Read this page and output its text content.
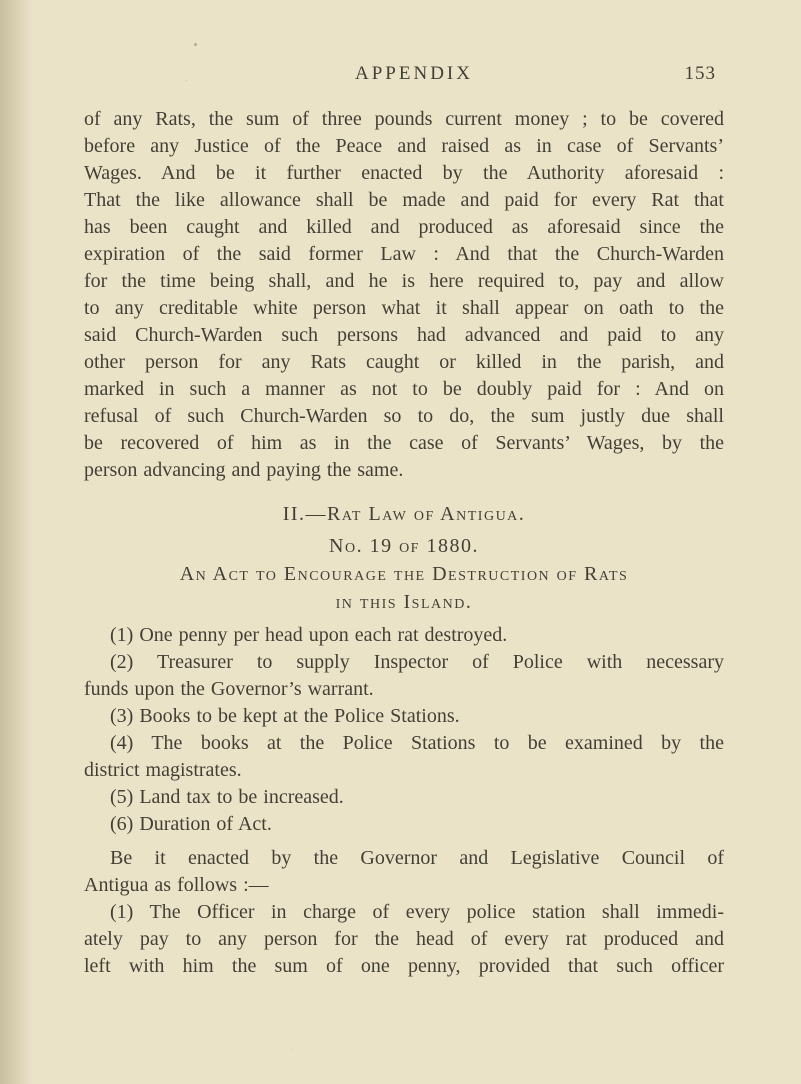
APPENDIX	153
of any Rats, the sum of three pounds current money ; to be covered
before any Justice of the Peace and raised as in case of Servants’
Wages. And be it further enacted by the Authority aforesaid :
That the like allowance shall be made and paid for every Rat that
has been caught and killed and produced as aforesaid since the
expiration of the said former Law : And that the Church-Warden
for the time being shall, and he is here required to, pay and allow
to any creditable white person what it shall appear on oath to the
said Church-Warden such persons had advanced and paid to any
other person for any Rats caught or killed in the parish, and
marked in such a manner as not to be doubly paid for : And on
refusal of such Church-Warden so to do, the sum justly due shall
be recovered of him as in the case of Servants’ Wages, by the
person advancing and paying the same.
II.—Rat Law of Antigua.
No. 19 of 1880.
An Act to Encourage the Destruction of Rats
in this Island.
(1) One penny per head upon each rat destroyed.
(2) Treasurer to supply Inspector of Police with necessary
funds upon the Governor’s warrant.
(3) Books to be kept at the Police Stations.
(4) The books at the Police Stations to be examined by the
district magistrates.
(5) Land tax to be increased.
(6) Duration of Act.
Be it enacted by the Governor and Legislative Council of
Antigua as follows :—
(1) The Officer in charge of every police station shall immedi-
ately pay to any person for the head of every rat produced and
left with him the sum of one penny, provided that such officer
